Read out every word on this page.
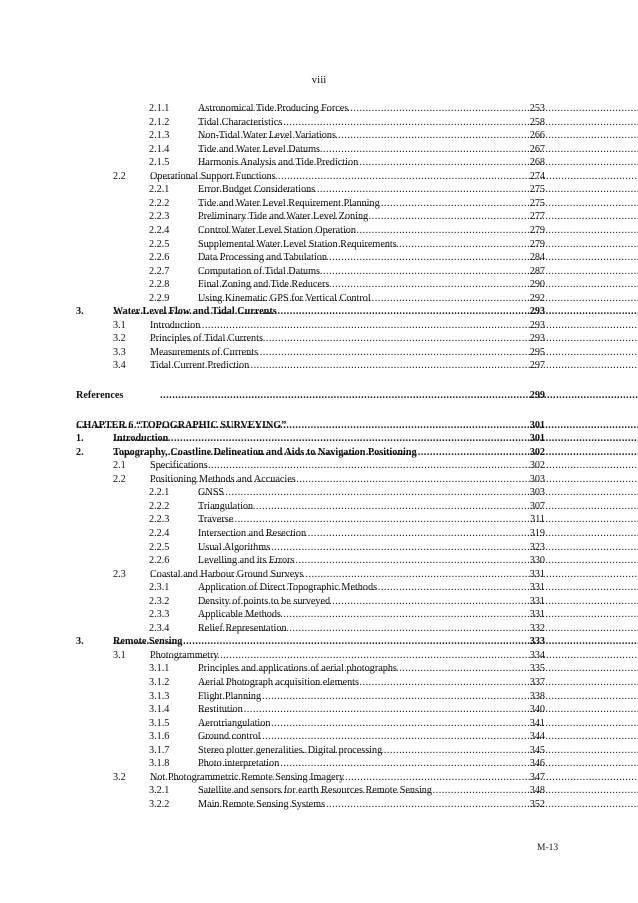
viii
2.1.1	Astronomical Tide Producing Forces .....	253
2.1.2	Tidal Characteristics .....	258
2.1.3	Non-Tidal Water Level Variations .....	266
2.1.4	Tide and Water Level Datums .....	267
2.1.5	Harmonis Analysis and Tide Prediction .....	268
2.2 Operational Support Functions .....	274
2.2.1	Error Budget Considerations .....	275
2.2.2	Tide and Water Level Requirement Planning .....	275
2.2.3	Preliminary Tide and Water Level Zoning .....	277
2.2.4	Control Water Level Station Operation .....	279
2.2.5	Supplemental Water Level Station Requirements .....	279
2.2.6	Data Processing and Tabulation .....	284
2.2.7	Computation of Tidal Datums .....	287
2.2.8	Final Zoning and Tide Reducers .....	290
2.2.9	Using Kinematic GPS for Vertical Control .....	292
3.	Water Level Flow and Tidal Currents .....	293
3.1 Introduction .....	293
3.2 Principles of Tidal Currents .....	293
3.3 Measurements of Currents .....	295
3.4 Tidal Current Prediction .....	297
References .....	299
CHAPTER 6 “TOPOGRAPHIC SURVEYING” .....	301
1.	Introduction .....	301
2.	Topography, Coastline Delineation and Aids to Navigation Positioning .....	302
2.1 Specifications .....	302
2.2 Positioning Methods and Accuacies .....	303
2.2.1	GNSS .....	303
2.2.2	Triangulation .....	307
2.2.3	Traverse .....	311
2.2.4	Intersection and Resection .....	319
2.2.5	Usual Algorithms .....	323
2.2.6	Levelling and its Errors .....	330
2.3 Coastal and Harbour Ground Surveys .....	331
2.3.1	Application of Direct Topographic Methods .....	331
2.3.2	Density of points to be surveyed .....	331
2.3.3	Applicable Methods .....	331
2.3.4	Relief Representation .....	332
3.	Remote Sensing .....	333
3.1 Photogrammetry .....	334
3.1.1	Principles and applications of aerial photographs .....	335
3.1.2	Aerial Photograph acquisition elements .....	337
3.1.3	Flight Planning .....	338
3.1.4	Restitution .....	340
3.1.5	Aerotriangulation .....	341
3.1.6	Ground control .....	344
3.1.7	Stereo plotter generalities. Digital processing .....	345
3.1.8	Photo interpretation .....	346
3.2 Not Photogrammetric Remote Sensing Imagery .....	347
3.2.1	Satellite and sensors for earth Resources Remote Sensing .....	348
3.2.2	Main Remote Sensing Systems .....	352
M-13
